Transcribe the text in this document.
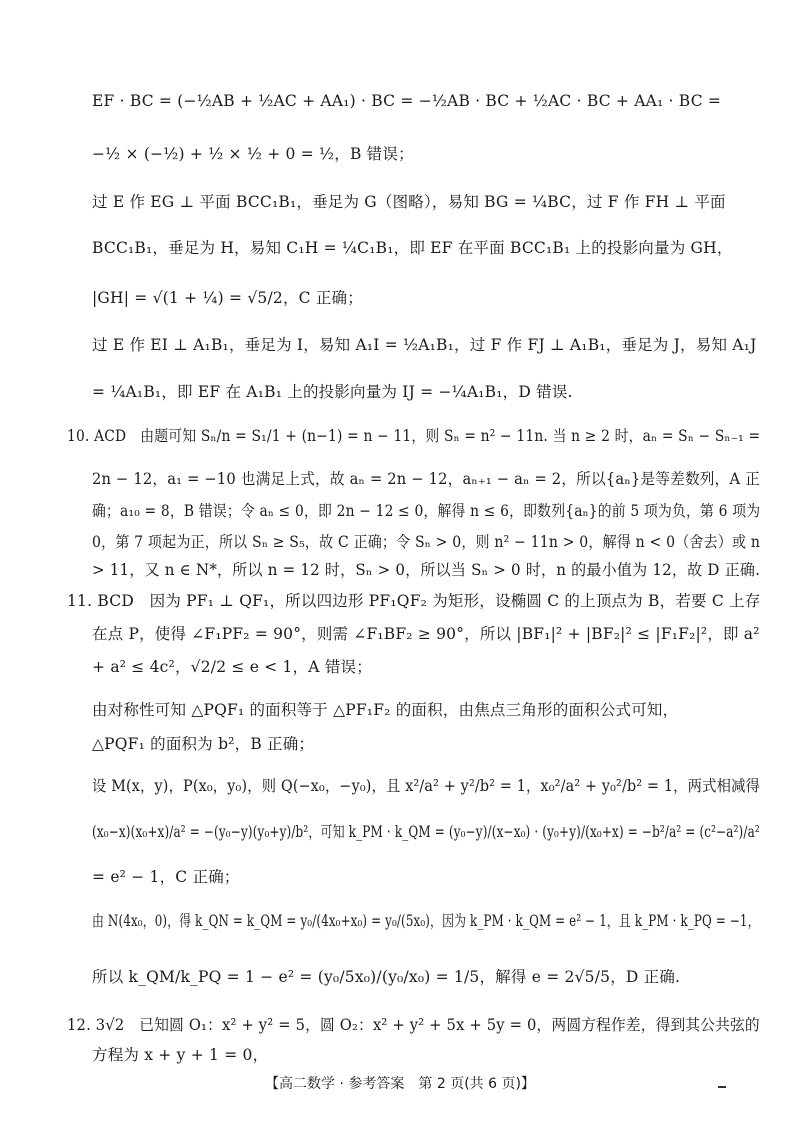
EF · BC = (−½AB + ½AC + AA₁) · BC = −½AB · BC + ½AC · BC + AA₁ · BC =
−½ × (−½) + ½ × ½ + 0 = ½，B 错误；
过 E 作 EG ⊥ 平面 BCC₁B₁，垂足为 G（图略），易知 BG = ¼BC，过 F 作 FH ⊥ 平面
BCC₁B₁，垂足为 H，易知 C₁H = ¼C₁B₁，即 EF 在平面 BCC₁B₁ 上的投影向量为 GH，
|GH| = √(1 + ¼) = √5/2，C 正确；
过 E 作 EI ⊥ A₁B₁，垂足为 I，易知 A₁I = ½A₁B₁，过 F 作 FJ ⊥ A₁B₁，垂足为 J，易知 A₁J
= ¼A₁B₁，即 EF 在 A₁B₁ 上的投影向量为 IJ = −¼A₁B₁，D 错误.
10. ACD　由题可知 Sₙ/n = S₁/1 + (n−1) = n − 11，则 Sₙ = n² − 11n. 当 n ≥ 2 时，aₙ = Sₙ − Sₙ₋₁ =
2n − 12，a₁ = −10 也满足上式，故 aₙ = 2n − 12，aₙ₊₁ − aₙ = 2，所以{aₙ}是等差数列，A 正
确；a₁₀ = 8，B 错误；令 aₙ ≤ 0，即 2n − 12 ≤ 0，解得 n ≤ 6，即数列{aₙ}的前 5 项为负，第 6 项为
0，第 7 项起为正，所以 Sₙ ≥ S₅，故 C 正确；令 Sₙ > 0，则 n² − 11n > 0，解得 n < 0（舍去）或 n
> 11，又 n ∈ N*，所以 n = 12 时，Sₙ > 0，所以当 Sₙ > 0 时，n 的最小值为 12，故 D 正确.
11. BCD　因为 PF₁ ⊥ QF₁，所以四边形 PF₁QF₂ 为矩形，设椭圆 C 的上顶点为 B，若要 C 上存
在点 P，使得 ∠F₁PF₂ = 90°，则需 ∠F₁BF₂ ≥ 90°，所以 |BF₁|² + |BF₂|² ≤ |F₁F₂|²，即 a²
+ a² ≤ 4c²，√2/2 ≤ e < 1，A 错误；
由对称性可知 △PQF₁ 的面积等于 △PF₁F₂ 的面积，由焦点三角形的面积公式可知，
△PQF₁ 的面积为 b²，B 正确；
设 M(x，y)，P(x₀，y₀)，则 Q(−x₀，−y₀)，且 x²/a² + y²/b² = 1，x₀²/a² + y₀²/b² = 1，两式相减得
(x₀−x)(x₀+x)/a² = −(y₀−y)(y₀+y)/b²，可知 k_PM · k_QM = (y₀−y)/(x−x₀) · (y₀+y)/(x₀+x) = −b²/a² = (c²−a²)/a²
= e² − 1，C 正确；
由 N(4x₀，0)，得 k_QN = k_QM = y₀/(4x₀+x₀) = y₀/(5x₀)，因为 k_PM · k_QM = e² − 1，且 k_PM · k_PQ = −1，
所以 k_QM/k_PQ = 1 − e² = (y₀/5x₀)/(y₀/x₀) = 1/5，解得 e = 2√5/5，D 正确.
12. 3√2　已知圆 O₁：x² + y² = 5，圆 O₂：x² + y² + 5x + 5y = 0，两圆方程作差，得到其公共弦的
方程为 x + y + 1 = 0，
【高二数学 · 参考答案　第 2 页(共 6 页)】
